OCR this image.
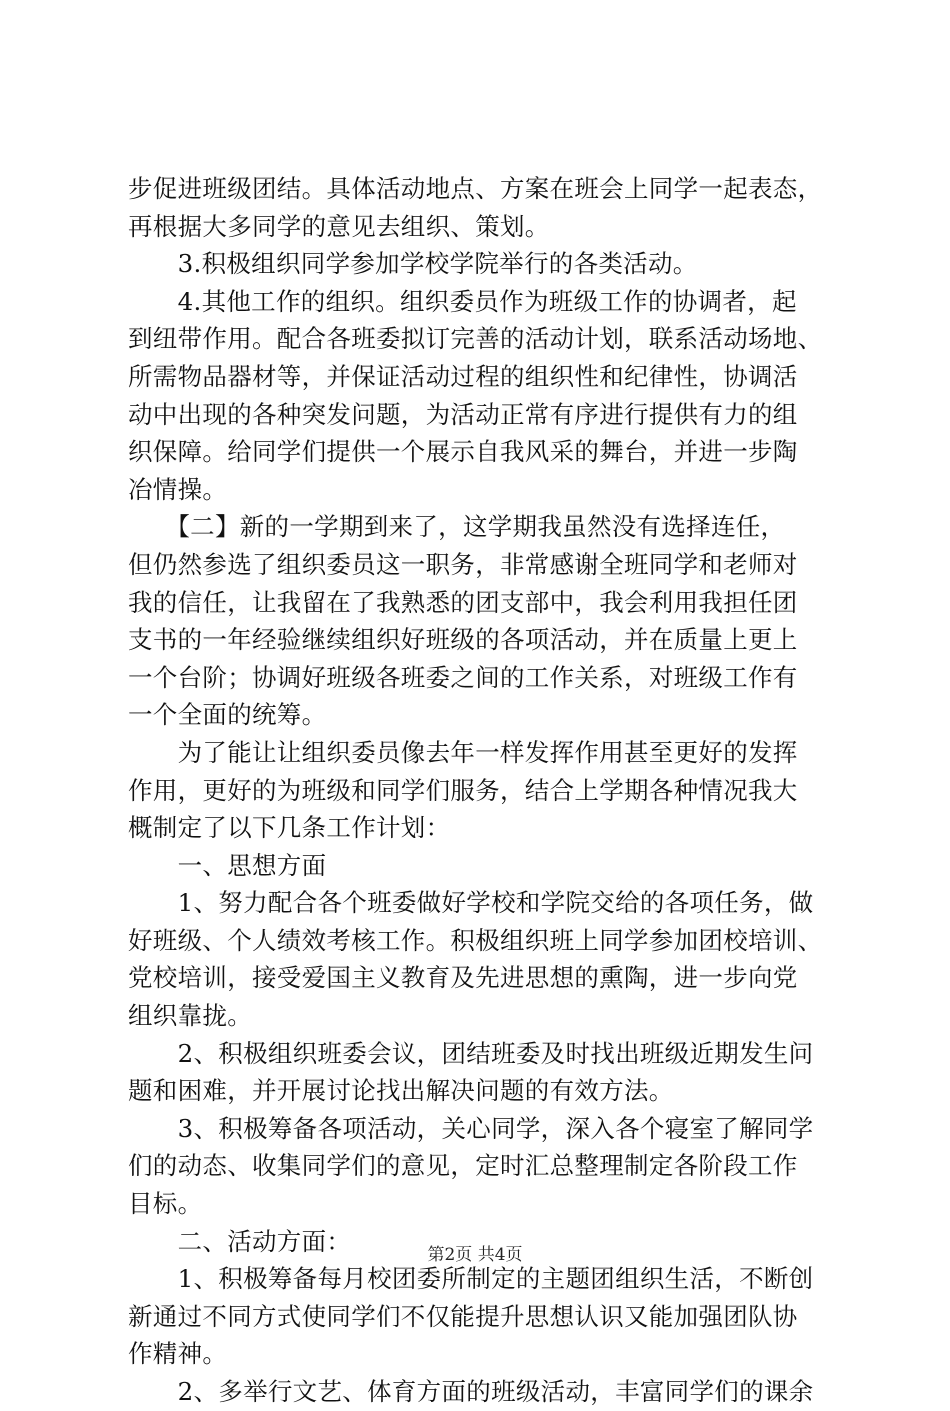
步促进班级团结。具体活动地点、方案在班会上同学一起表态，
再根据大多同学的意见去组织、策划。
　　3.积极组织同学参加学校学院举行的各类活动。
　　4.其他工作的组织。组织委员作为班级工作的协调者，起
到纽带作用。配合各班委拟订完善的活动计划，联系活动场地、
所需物品器材等，并保证活动过程的组织性和纪律性，协调活
动中出现的各种突发问题，为活动正常有序进行提供有力的组
织保障。给同学们提供一个展示自我风采的舞台，并进一步陶
冶情操。
　　【二】新的一学期到来了，这学期我虽然没有选择连任，
但仍然参选了组织委员这一职务，非常感谢全班同学和老师对
我的信任，让我留在了我熟悉的团支部中，我会利用我担任团
支书的一年经验继续组织好班级的各项活动，并在质量上更上
一个台阶；协调好班级各班委之间的工作关系，对班级工作有
一个全面的统筹。
　　为了能让让组织委员像去年一样发挥作用甚至更好的发挥
作用，更好的为班级和同学们服务，结合上学期各种情况我大
概制定了以下几条工作计划：
　　一、思想方面
　　1、努力配合各个班委做好学校和学院交给的各项任务，做
好班级、个人绩效考核工作。积极组织班上同学参加团校培训、
党校培训，接受爱国主义教育及先进思想的熏陶，进一步向党
组织靠拢。
　　2、积极组织班委会议，团结班委及时找出班级近期发生问
题和困难，并开展讨论找出解决问题的有效方法。
　　3、积极筹备各项活动，关心同学，深入各个寝室了解同学
们的动态、收集同学们的意见，定时汇总整理制定各阶段工作
目标。
　　二、活动方面：
　　1、积极筹备每月校团委所制定的主题团组织生活，不断创
新通过不同方式使同学们不仅能提升思想认识又能加强团队协
作精神。
　　2、多举行文艺、体育方面的班级活动，丰富同学们的课余
第2页 共4页
